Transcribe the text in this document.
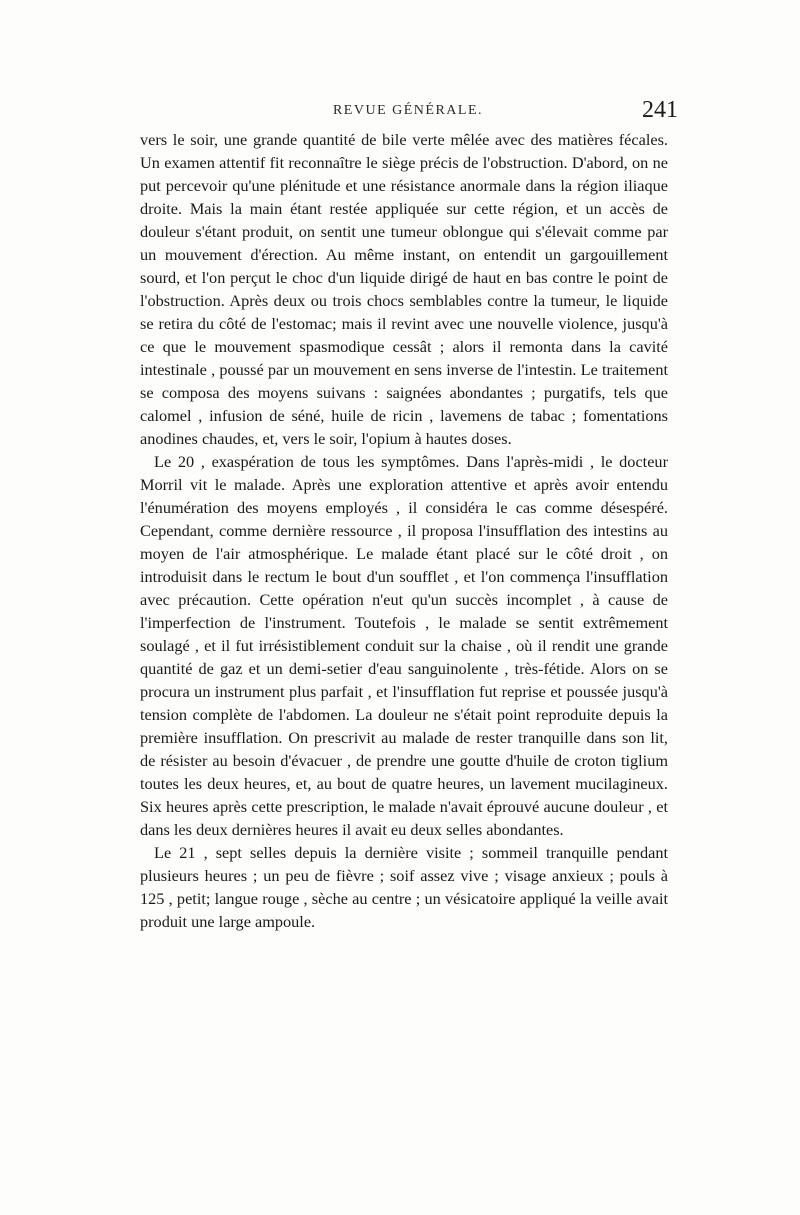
REVUE GÉNÉRALE.	241

vers le soir, une grande quantité de bile verte mêlée avec des matières fécales. Un examen attentif fit reconnaître le siège précis de l'obstruction. D'abord, on ne put percevoir qu'une plénitude et une résistance anormale dans la région iliaque droite. Mais la main étant restée appliquée sur cette région, et un accès de douleur s'étant produit, on sentit une tumeur oblongue qui s'élevait comme par un mouvement d'érection. Au même instant, on entendit un gargouillement sourd, et l'on perçut le choc d'un liquide dirigé de haut en bas contre le point de l'obstruction. Après deux ou trois chocs semblables contre la tumeur, le liquide se retira du côté de l'estomac; mais il revint avec une nouvelle violence, jusqu'à ce que le mouvement spasmodique cessât ; alors il remonta dans la cavité intestinale , poussé par un mouvement en sens inverse de l'intestin. Le traitement se composa des moyens suivans : saignées abondantes ; purgatifs, tels que calomel , infusion de séné, huile de ricin , lavemens de tabac ; fomentations anodines chaudes, et, vers le soir, l'opium à hautes doses.

Le 20 , exaspération de tous les symptômes. Dans l'après-midi , le docteur Morril vit le malade. Après une exploration attentive et après avoir entendu l'énumération des moyens employés , il considéra le cas comme désespéré. Cependant, comme dernière ressource , il proposa l'insufflation des intestins au moyen de l'air atmosphérique. Le malade étant placé sur le côté droit , on introduisit dans le rectum le bout d'un soufflet , et l'on commença l'insufflation avec précaution. Cette opération n'eut qu'un succès incomplet , à cause de l'imperfection de l'instrument. Toutefois , le malade se sentit extrêmement soulagé , et il fut irrésistiblement conduit sur la chaise , où il rendit une grande quantité de gaz et un demi-setier d'eau sanguinolente , très-fétide. Alors on se procura un instrument plus parfait , et l'insufflation fut reprise et poussée jusqu'à tension complète de l'abdomen. La douleur ne s'était point reproduite depuis la première insufflation. On prescrivit au malade de rester tranquille dans son lit, de résister au besoin d'évacuer , de prendre une goutte d'huile de croton tiglium toutes les deux heures, et, au bout de quatre heures, un lavement mucilagineux. Six heures après cette prescription, le malade n'avait éprouvé aucune douleur , et dans les deux dernières heures il avait eu deux selles abondantes.

Le 21 , sept selles depuis la dernière visite ; sommeil tranquille pendant plusieurs heures ; un peu de fièvre ; soif assez vive ; visage anxieux ; pouls à 125 , petit; langue rouge , sèche au centre ; un vésicatoire appliqué la veille avait produit une large ampoule.
